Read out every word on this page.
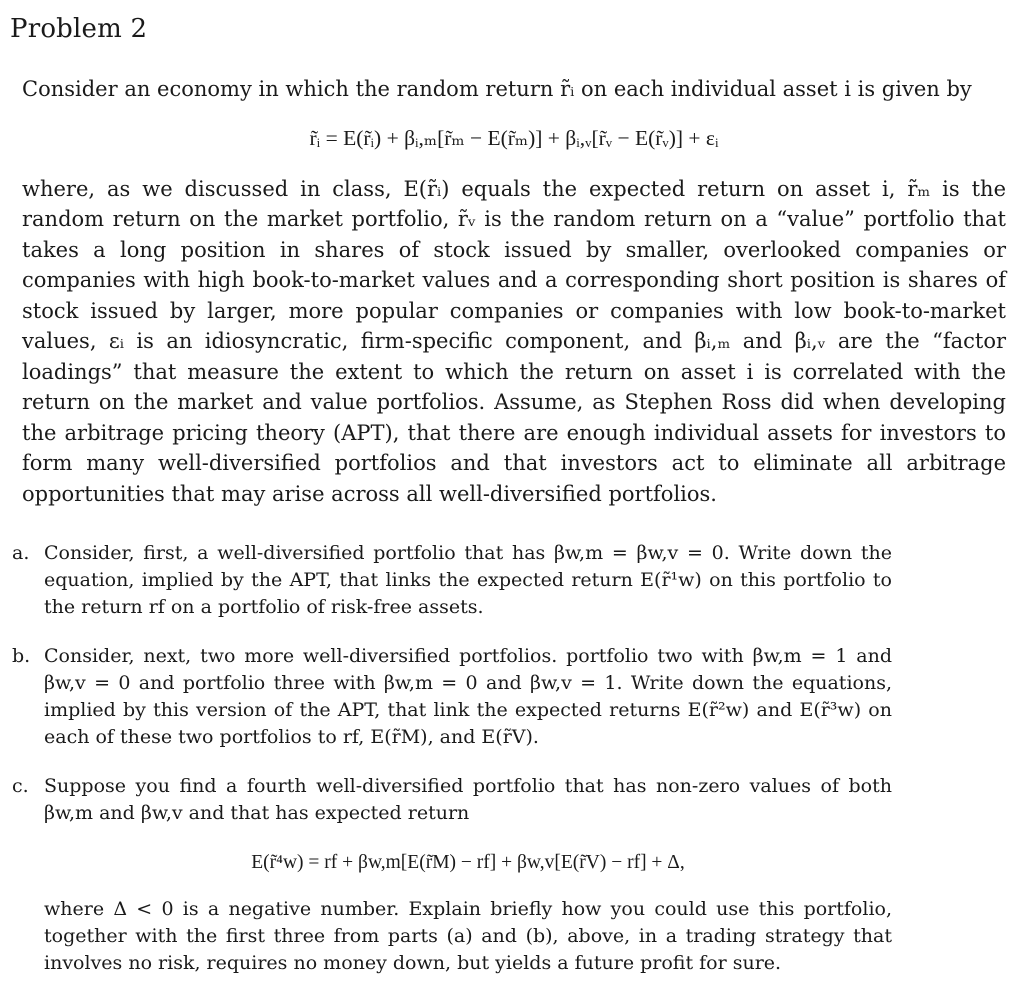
Problem 2
Consider an economy in which the random return r̃ᵢ on each individual asset i is given by
r̃ᵢ = E(r̃ᵢ) + βᵢ,ₘ[r̃ₘ − E(r̃ₘ)] + βᵢ,ᵥ[r̃ᵥ − E(r̃ᵥ)] + εᵢ
where, as we discussed in class, E(r̃ᵢ) equals the expected return on asset i, r̃ₘ is the random return on the market portfolio, r̃ᵥ is the random return on a “value” portfolio that takes a long position in shares of stock issued by smaller, overlooked companies or companies with high book-to-market values and a corresponding short position is shares of stock issued by larger, more popular companies or companies with low book-to-market values, εᵢ is an idiosyncratic, firm-specific component, and βᵢ,ₘ and βᵢ,ᵥ are the “factor loadings” that measure the extent to which the return on asset i is correlated with the return on the market and value portfolios. Assume, as Stephen Ross did when developing the arbitrage pricing theory (APT), that there are enough individual assets for investors to form many well-diversified portfolios and that investors act to eliminate all arbitrage opportunities that may arise across all well-diversified portfolios.
a. Consider, first, a well-diversified portfolio that has βw,m = βw,v = 0. Write down the equation, implied by the APT, that links the expected return E(r̃¹w) on this portfolio to the return rf on a portfolio of risk-free assets.
b. Consider, next, two more well-diversified portfolios. portfolio two with βw,m = 1 and βw,v = 0 and portfolio three with βw,m = 0 and βw,v = 1. Write down the equations, implied by this version of the APT, that link the expected returns E(r̃²w) and E(r̃³w) on each of these two portfolios to rf, E(r̃M), and E(r̃V).
c. Suppose you find a fourth well-diversified portfolio that has non-zero values of both βw,m and βw,v and that has expected return
E(r̃⁴w) = rf + βw,m[E(r̃M) − rf] + βw,v[E(r̃V) − rf] + Δ,
where Δ < 0 is a negative number. Explain briefly how you could use this portfolio, together with the first three from parts (a) and (b), above, in a trading strategy that involves no risk, requires no money down, but yields a future profit for sure.
